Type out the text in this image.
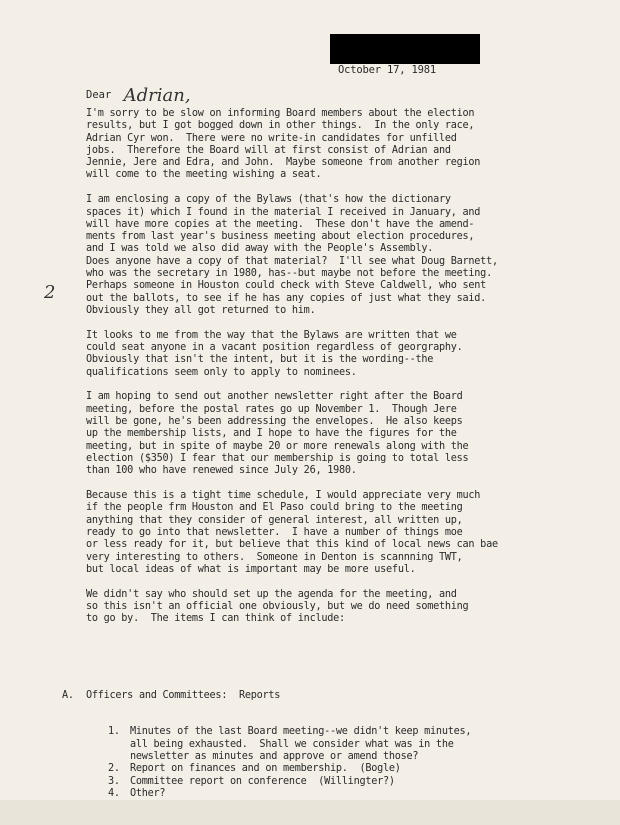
October 17, 1981
Dear Adrian,
2
I'm sorry to be slow on informing Board members about the election
results, but I got bogged down in other things.  In the only race,
Adrian Cyr won.  There were no write-in candidates for unfilled
jobs.  Therefore the Board will at first consist of Adrian and
Jennie, Jere and Edra, and John.  Maybe someone from another region
will come to the meeting wishing a seat.
I am enclosing a copy of the Bylaws (that's how the dictionary
spaces it) which I found in the material I received in January, and
will have more copies at the meeting.  These don't have the amend-
ments from last year's business meeting about election procedures,
and I was told we also did away with the People's Assembly.
Does anyone have a copy of that material?  I'll see what Doug Barnett,
who was the secretary in 1980, has--but maybe not before the meeting.
Perhaps someone in Houston could check with Steve Caldwell, who sent
out the ballots, to see if he has any copies of just what they said.
Obviously they all got returned to him.
It looks to me from the way that the Bylaws are written that we
could seat anyone in a vacant position regardless of georgraphy.
Obviously that isn't the intent, but it is the wording--the
qualifications seem only to apply to nominees.
I am hoping to send out another newsletter right after the Board
meeting, before the postal rates go up November 1.  Though Jere
will be gone, he's been addressing the envelopes.  He also keeps
up the membership lists, and I hope to have the figures for the
meeting, but in spite of maybe 20 or more renewals along with the
election ($350) I fear that our membership is going to total less
than 100 who have renewed since July 26, 1980.
Because this is a tight time schedule, I would appreciate very much
if the people frm Houston and El Paso could bring to the meeting
anything that they consider of general interest, all written up,
ready to go into that newsletter.  I have a number of things moe
or less ready for it, but believe that this kind of local news can bae
very interesting to others.  Someone in Denton is scannning TWT,
but local ideas of what is important may be more useful.
We didn't say who should set up the agenda for the meeting, and
so this isn't an official one obviously, but we do need something
to go by.  The items I can think of include:

A.	Officers and Committees:  Reports

1.	Minutes of the last Board meeting--we didn't keep minutes,
all being exhausted.  Shall we consider what was in the
newsletter as minutes and approve or amend those?
2.	Report on finances and on membership.  (Bogle)
3.	Committee report on conference  (Willingter?)
4.	Other?
